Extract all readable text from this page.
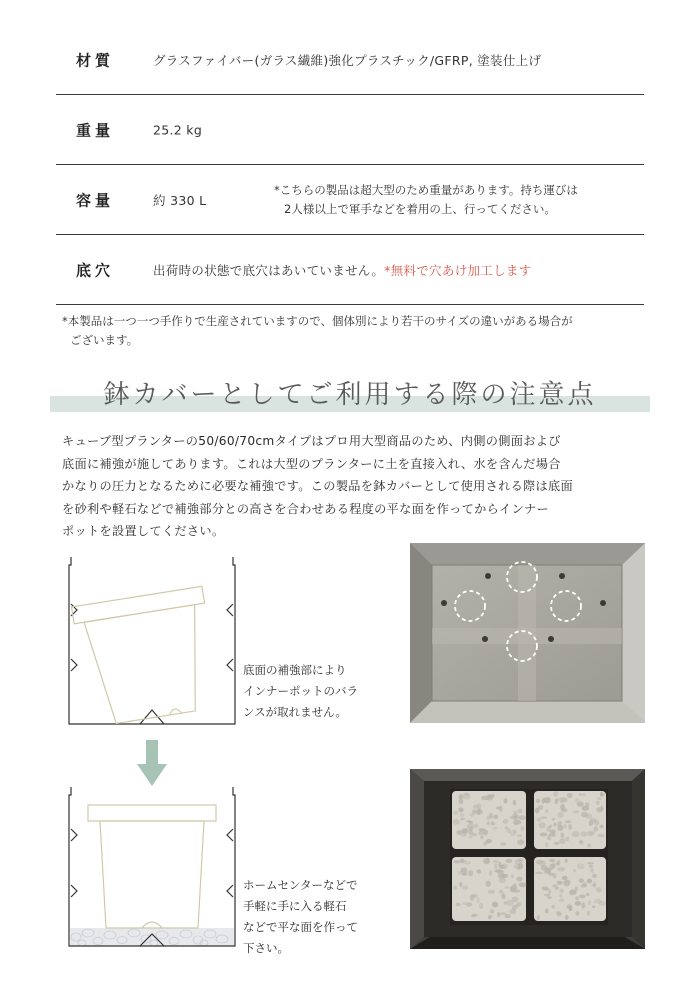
材質	グラスファイバー(ガラス繊維)強化プラスチック/GFRP, 塗装仕上げ
重量	25.2 kg
容量	約 330 L
*こちらの製品は超大型のため重量があります。持ち運びは
2人様以上で軍手などを着用の上、行ってください。
底穴	出荷時の状態で底穴はあいていません。*無料で穴あけ加工します
*本製品は一つ一つ手作りで生産されていますので、個体別により若干のサイズの違いがある場合が
ございます。
鉢カバーとしてご利用する際の注意点
キューブ型プランターの50/60/70cmタイプはプロ用大型商品のため、内側の側面および
底面に補強が施してあります。これは大型のプランターに土を直接入れ、水を含んだ場合
かなりの圧力となるために必要な補強です。この製品を鉢カバーとして使用される際は底面
を砂利や軽石などで補強部分との高さを合わせある程度の平な面を作ってからインナー
ポットを設置してください。
底面の補強部により
インナーポットのバラ
ンスが取れません。
ホームセンターなどで
手軽に手に入る軽石
などで平な面を作って
下さい。
